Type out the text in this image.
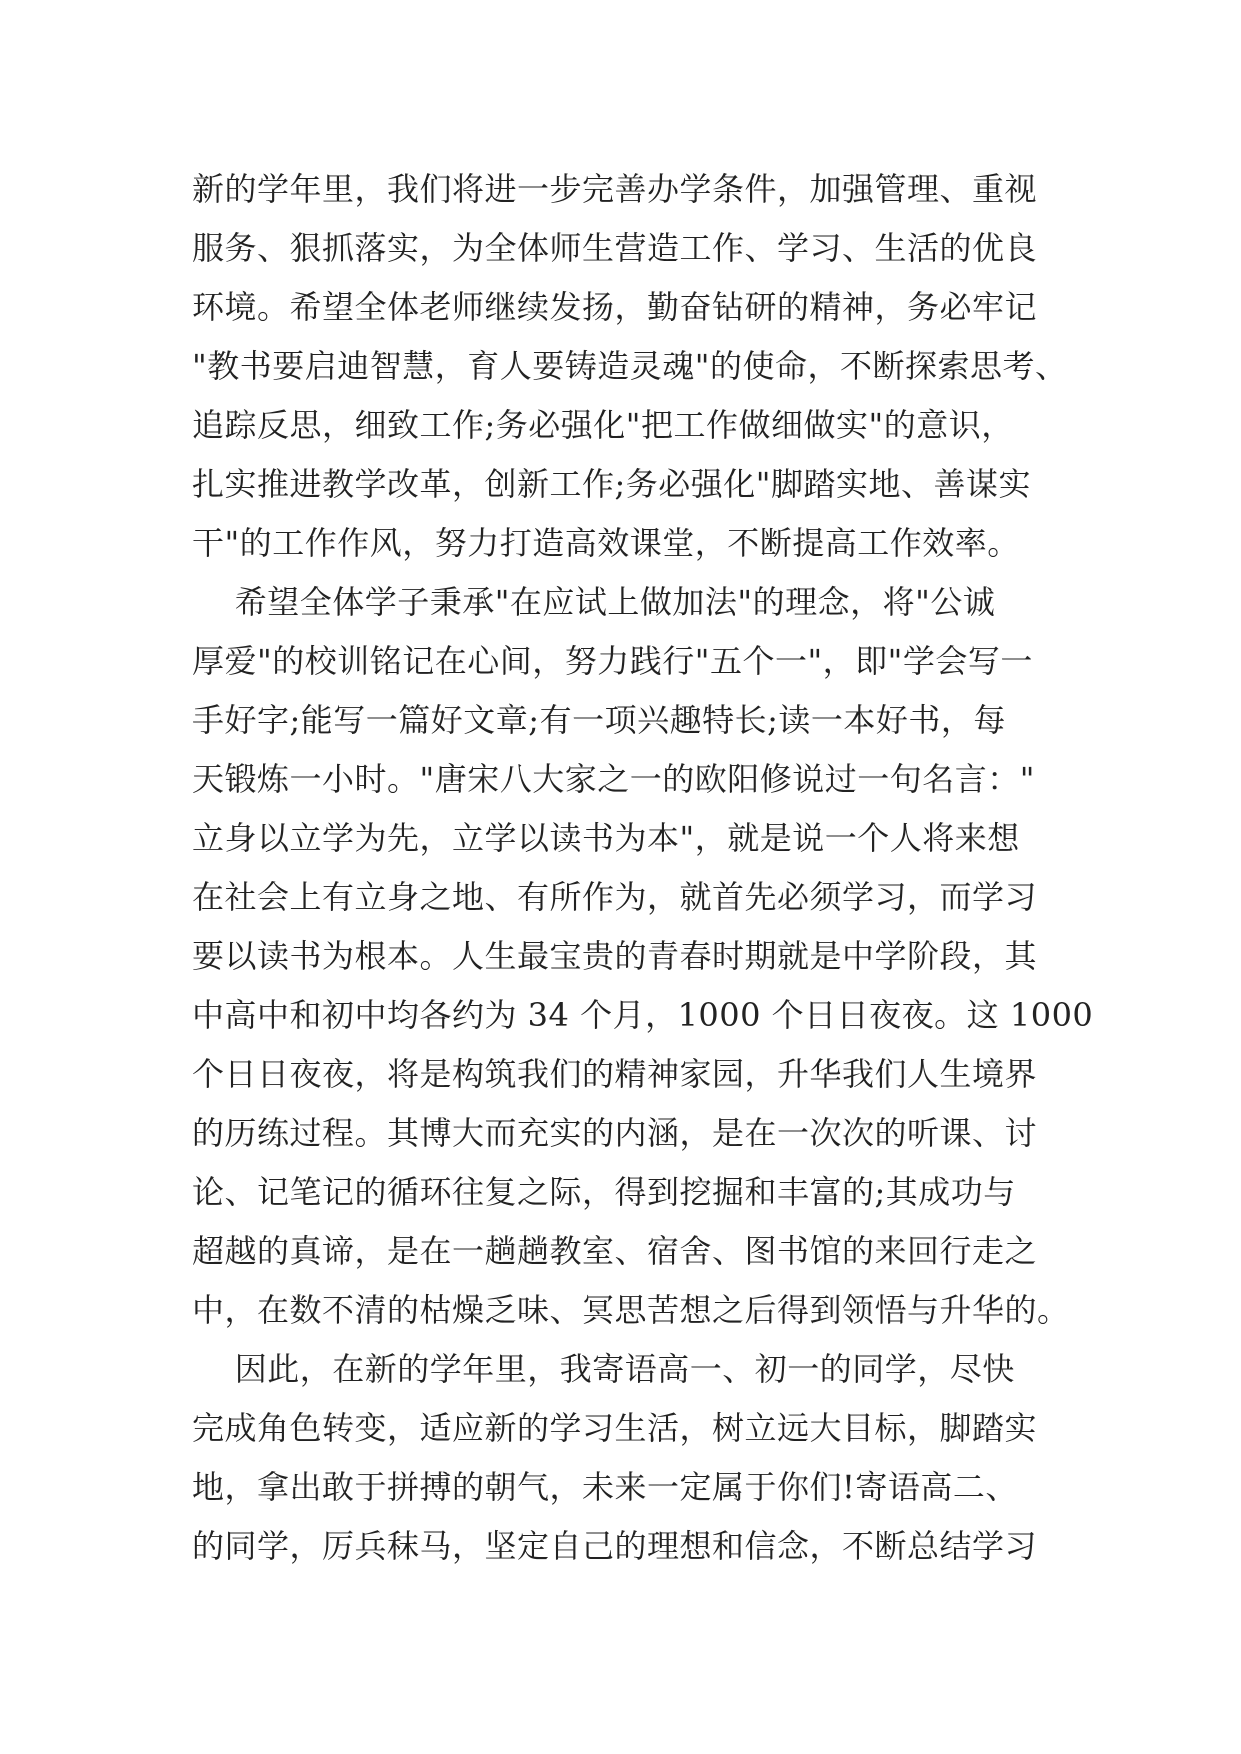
新的学年里，我们将进一步完善办学条件，加强管理、重视
服务、狠抓落实，为全体师生营造工作、学习、生活的优良
环境。希望全体老师继续发扬，勤奋钻研的精神，务必牢记
"教书要启迪智慧，育人要铸造灵魂"的使命，不断探索思考、
追踪反思，细致工作;务必强化"把工作做细做实"的意识，
扎实推进教学改革，创新工作;务必强化"脚踏实地、善谋实
干"的工作作风，努力打造高效课堂，不断提高工作效率。
希望全体学子秉承"在应试上做加法"的理念，将"公诚
厚爱"的校训铭记在心间，努力践行"五个一"，即"学会写一
手好字;能写一篇好文章;有一项兴趣特长;读一本好书，每
天锻炼一小时。"唐宋八大家之一的欧阳修说过一句名言："
立身以立学为先，立学以读书为本"，就是说一个人将来想
在社会上有立身之地、有所作为，就首先必须学习，而学习
要以读书为根本。人生最宝贵的青春时期就是中学阶段，其
中高中和初中均各约为 34 个月，1000 个日日夜夜。这 1000
个日日夜夜，将是构筑我们的精神家园，升华我们人生境界
的历练过程。其博大而充实的内涵，是在一次次的听课、讨
论、记笔记的循环往复之际，得到挖掘和丰富的;其成功与
超越的真谛，是在一趟趟教室、宿舍、图书馆的来回行走之
中，在数不清的枯燥乏味、冥思苦想之后得到领悟与升华的。
因此，在新的学年里，我寄语高一、初一的同学，尽快
完成角色转变，适应新的学习生活，树立远大目标，脚踏实
地，拿出敢于拼搏的朝气，未来一定属于你们!寄语高二、
的同学，厉兵秣马，坚定自己的理想和信念，不断总结学习
